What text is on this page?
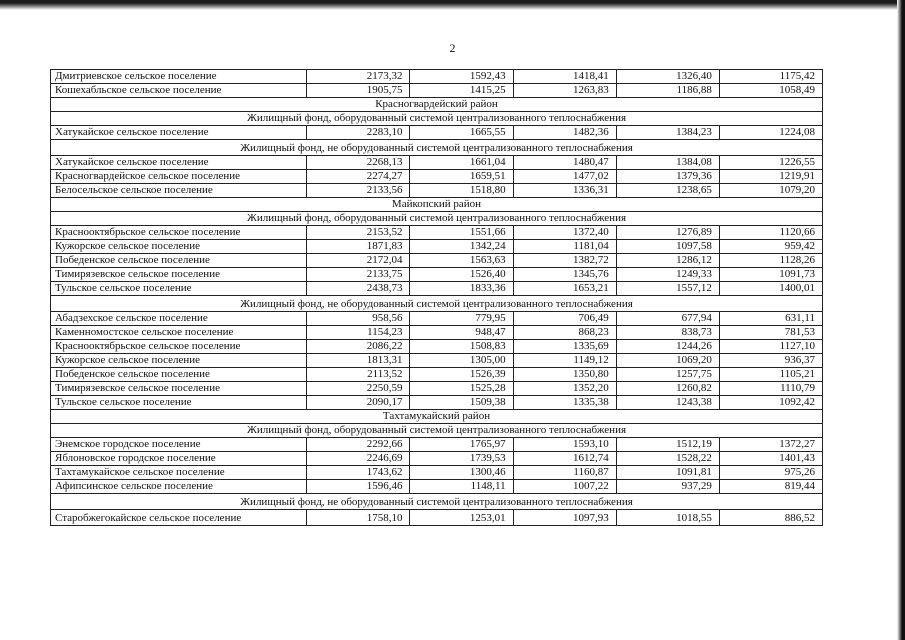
2
Дмитриевское сельское поселение	2173,32	1592,43	1418,41	1326,40	1175,42
Кошехабльское сельское поселение	1905,75	1415,25	1263,83	1186,88	1058,49
Красногвардейский район					
Жилищный фонд, оборудованный системой централизованного теплоснабжения					
Хатукайское сельское поселение	2283,10	1665,55	1482,36	1384,23	1224,08
Жилищный фонд, не оборудованный системой централизованного теплоснабжения					
Хатукайское сельское поселение	2268,13	1661,04	1480,47	1384,08	1226,55
Красногвардейское сельское поселение	2274,27	1659,51	1477,02	1379,36	1219,91
Белосельское сельское поселение	2133,56	1518,80	1336,31	1238,65	1079,20
Майкопский район					
Жилищный фонд, оборудованный системой централизованного теплоснабжения					
Краснооктябрьское сельское поселение	2153,52	1551,66	1372,40	1276,89	1120,66
Кужорское сельское поселение	1871,83	1342,24	1181,04	1097,58	959,42
Победенское сельское поселение	2172,04	1563,63	1382,72	1286,12	1128,26
Тимирязевское сельское поселение	2133,75	1526,40	1345,76	1249,33	1091,73
Тульское сельское поселение	2438,73	1833,36	1653,21	1557,12	1400,01
Жилищный фонд, не оборудованный системой централизованного теплоснабжения					
Абадзехское сельское поселение	958,56	779,95	706,49	677,94	631,11
Каменномостское сельское поселение	1154,23	948,47	868,23	838,73	781,53
Краснооктябрьское сельское поселение	2086,22	1508,83	1335,69	1244,26	1127,10
Кужорское сельское поселение	1813,31	1305,00	1149,12	1069,20	936,37
Победенское сельское поселение	2113,52	1526,39	1350,80	1257,75	1105,21
Тимирязевское сельское поселение	2250,59	1525,28	1352,20	1260,82	1110,79
Тульское сельское поселение	2090,17	1509,38	1335,38	1243,38	1092,42
Тахтамукайский район					
Жилищный фонд, оборудованный системой централизованного теплоснабжения					
Энемское городское поселение	2292,66	1765,97	1593,10	1512,19	1372,27
Яблоновское городское поселение	2246,69	1739,53	1612,74	1528,22	1401,43
Тахтамукайское сельское поселение	1743,62	1300,46	1160,87	1091,81	975,26
Афипсинское сельское поселение	1596,46	1148,11	1007,22	937,29	819,44
Жилищный фонд, не оборудованный системой централизованного теплоснабжения					
Старобжегокайское сельское поселение	1758,10	1253,01	1097,93	1018,55	886,52
